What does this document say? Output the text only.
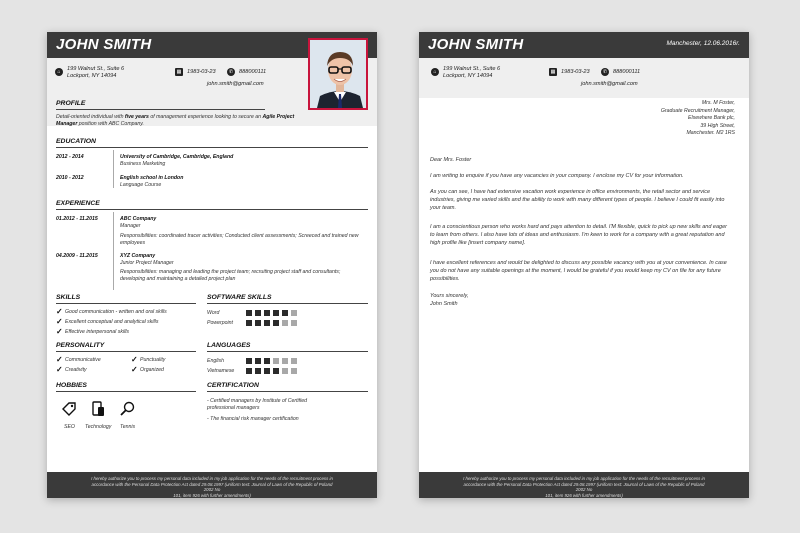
JOHN SMITH
⌂	199 Walnut St., Suite 6
Lockport, NY 14094
▦ 1983-03-23	✆	888000111
john.smith@gmail.com
PROFILE
Detail-oriented individual with five years of management experience looking to secure an Agile Project Manager position with ABC Company.
EDUCATION
2012 - 2014	University of Cambridge, Cambridge, England
Business Marketing
2010 - 2012	English school in London
Language Course
EXPERIENCE
01.2012 - 11.2015	ABC Company
Manager
Responsibilities: coordinated tracer activities; Conducted client assessments; Screeced and trained new
employees
04.2009 - 11.2015	XYZ Company
Junior Project Manager
Responsibilities: managing and leading the project team; recruiting project staff and consultants;
developing and maintaining a detailed project plan
SKILLS
✓ Good communication - written and oral skills
✓ Excellent conceptual and analytical skills
✓ Effective interpersonal skills
SOFTWARE SKILLS
Word
Powerpoint
PERSONALITY
✓ Communicative	✓ Punctuality
✓ Creativity	✓ Organized
LANGUAGES
English
Vietnamese
HOBBIES
SEO Technology Tennis
CERTIFICATION
- Certified managers by Institute of Certified
professional managers
- The financial risk manager certification
I hereby authorize you to process my personal data included in my job application for the needs of the recruitment process in
accordance with the Personal Data Protection Act dated 29.08.1997 (uniform text: Journal of Laws of the Republic of Poland 2002 No
101, item 926 with further amendments)
JOHN SMITH	Manchester, 12.06.2016r.
⌂	199 Walnut St., Suite 6
Lockport, NY 14094
▦ 1983-03-23	✆	888000111
john.smith@gmail.com
Mrs. M Foster,
Graduate Recruitment Manager,
Elsewhere Bank plc,
39 High Street,
Manchester. M2 1RS
Dear Mrs. Foster
I am writing to enquire if you have any vacancies in your company. I enclose my CV for your information.
As you can see, I have had extensive vacation work experience in office environments, the retail sector and service
industries, giving me varied skills and the ability to work with many different types of people. I believe I could fit easily into
your team.
I am a conscientious person who works hard and pays attention to detail. I'M flexible, quick to pick up new skills and eager
to learn from others. I also have lots of ideas and enthusiasm. I'm keen to work for a company with a great reputation and
high profile like [insert company name].
I have excellent references and would be delighted to discuss any possible vacancy with you at your convenience. In case
you do not have any suitable openings at the moment, I would be grateful if you would keep my CV on file for any future
possibilities.
Yours sincerely,
John Smith
I hereby authorize you to process my personal data included in my job application for the needs of the recruitment process in
accordance with the Personal Data Protection Act dated 29.08.1997 (uniform text: Journal of Laws of the Republic of Poland 2002 No
101, item 926 with further amendments)
